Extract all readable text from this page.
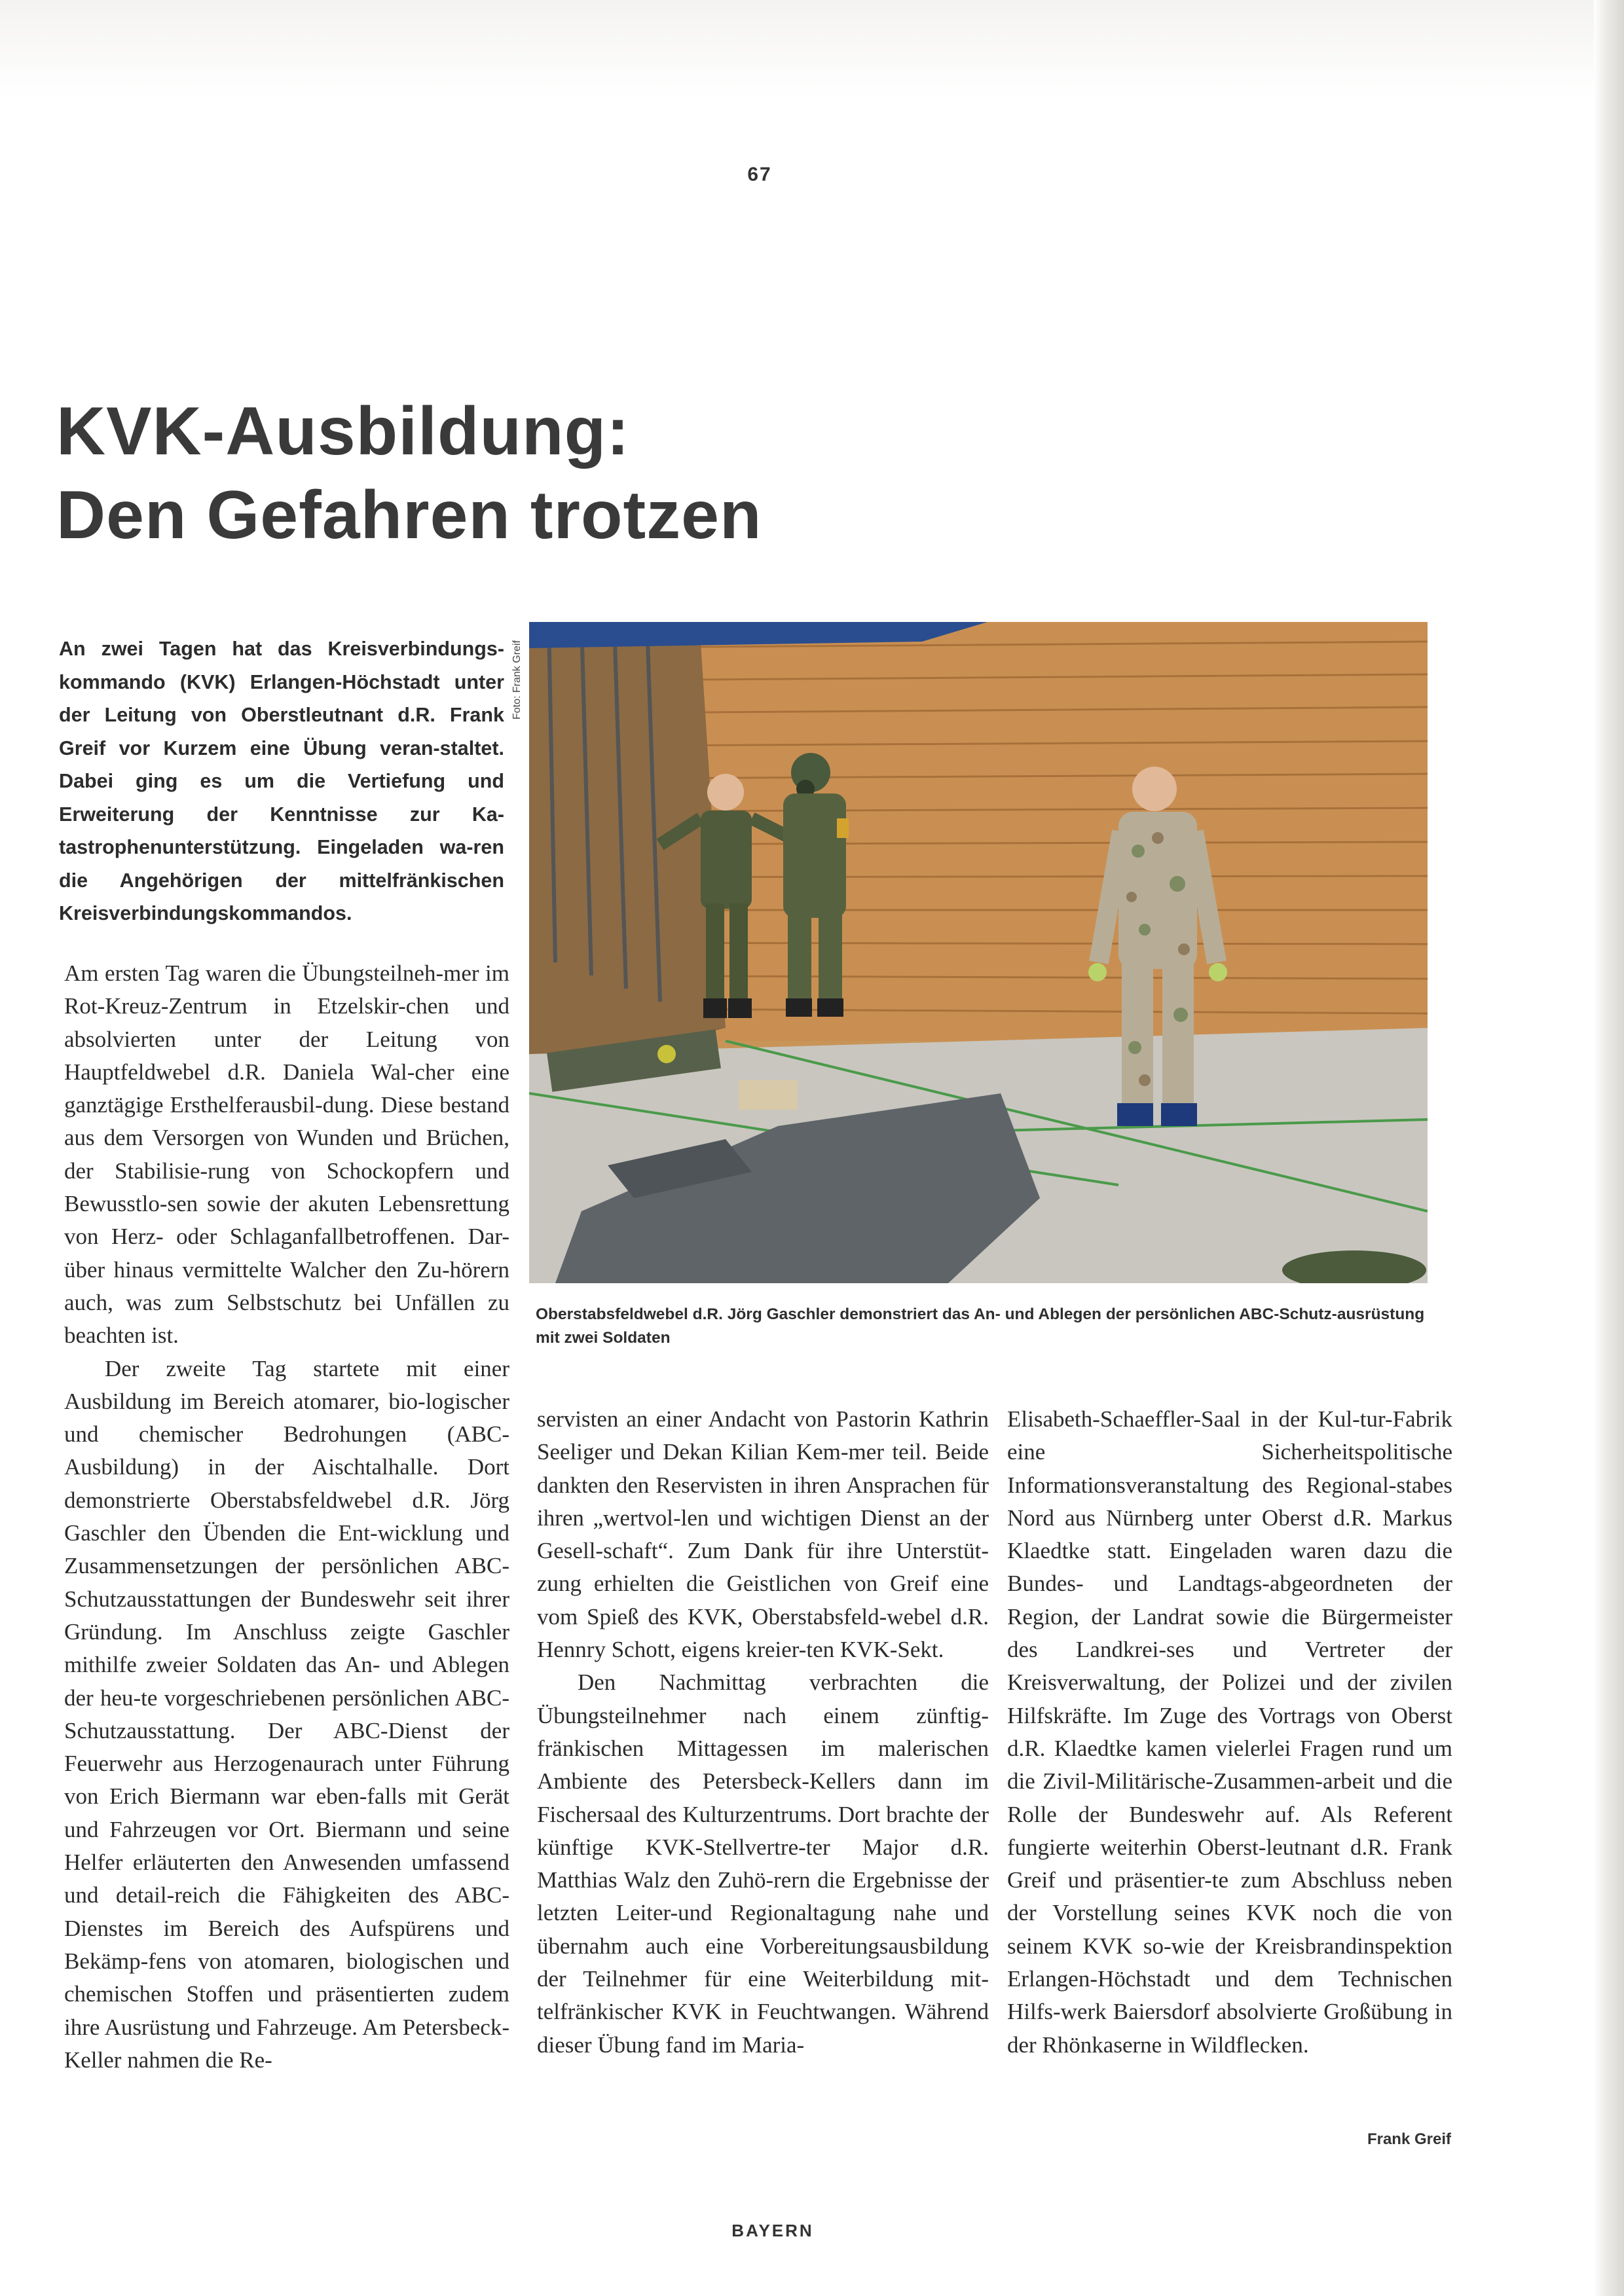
67
KVK-Ausbildung:
Den Gefahren trotzen
An zwei Tagen hat das Kreisverbindungs-kommando (KVK) Erlangen-Höchstadt unter der Leitung von Oberstleutnant d.R. Frank Greif vor Kurzem eine Übung veran-staltet. Dabei ging es um die Vertiefung und Erweiterung der Kenntnisse zur Ka-tastrophenunterstützung. Eingeladen wa-ren die Angehörigen der mittelfränkischen Kreisverbindungskommandos.
Foto: Frank Greif
Oberstabsfeldwebel d.R. Jörg Gaschler demonstriert das An- und Ablegen der persönlichen ABC-Schutz-ausrüstung mit zwei Soldaten

Am ersten Tag waren die Übungsteilneh-mer im Rot-Kreuz-Zentrum in Etzelskir-chen und absolvierten unter der Leitung von Hauptfeldwebel d.R. Daniela Wal-cher eine ganztägige Ersthelferausbil-dung. Diese bestand aus dem Versorgen von Wunden und Brüchen, der Stabilisie-rung von Schockopfern und Bewusstlo-sen sowie der akuten Lebensrettung von Herz- oder Schlaganfallbetroffenen. Dar-über hinaus vermittelte Walcher den Zu-hörern auch, was zum Selbstschutz bei Unfällen zu beachten ist.

Der zweite Tag startete mit einer Ausbildung im Bereich atomarer, bio-logischer und chemischer Bedrohungen (ABC-Ausbildung) in der Aischtalhalle. Dort demonstrierte Oberstabsfeldwebel d.R. Jörg Gaschler den Übenden die Ent-wicklung und Zusammensetzungen der persönlichen ABC-Schutzausstattungen der Bundeswehr seit ihrer Gründung. Im Anschluss zeigte Gaschler mithilfe zweier Soldaten das An- und Ablegen der heu-te vorgeschriebenen persönlichen ABC-Schutzausstattung. Der ABC-Dienst der Feuerwehr aus Herzogenaurach unter Führung von Erich Biermann war eben-falls mit Gerät und Fahrzeugen vor Ort. Biermann und seine Helfer erläuterten den Anwesenden umfassend und detail-reich die Fähigkeiten des ABC-Dienstes im Bereich des Aufspürens und Bekämp-fens von atomaren, biologischen und chemischen Stoffen und präsentierten zudem ihre Ausrüstung und Fahrzeuge. Am Petersbeck-Keller nahmen die Re-

servisten an einer Andacht von Pastorin Kathrin Seeliger und Dekan Kilian Kem-mer teil. Beide dankten den Reservisten in ihren Ansprachen für ihren „wertvol-len und wichtigen Dienst an der Gesell-schaft“. Zum Dank für ihre Unterstüt-zung erhielten die Geistlichen von Greif eine vom Spieß des KVK, Oberstabsfeld-webel d.R. Hennry Schott, eigens kreier-ten KVK-Sekt.

Den Nachmittag verbrachten die Übungsteilnehmer nach einem zünftig-fränkischen Mittagessen im malerischen Ambiente des Petersbeck-Kellers dann im Fischersaal des Kulturzentrums. Dort brachte der künftige KVK-Stellvertre-ter Major d.R. Matthias Walz den Zuhö-rern die Ergebnisse der letzten Leiter-und Regionaltagung nahe und übernahm auch eine Vorbereitungsausbildung der Teilnehmer für eine Weiterbildung mit-telfränkischer KVK in Feuchtwangen. Während dieser Übung fand im Maria-

Elisabeth-Schaeffler-Saal in der Kul-tur-Fabrik eine Sicherheitspolitische Informationsveranstaltung des Regional-stabes Nord aus Nürnberg unter Oberst d.R. Markus Klaedtke statt. Eingeladen waren dazu die Bundes- und Landtags-abgeordneten der Region, der Landrat sowie die Bürgermeister des Landkrei-ses und Vertreter der Kreisverwaltung, der Polizei und der zivilen Hilfskräfte. Im Zuge des Vortrags von Oberst d.R. Klaedtke kamen vielerlei Fragen rund um die Zivil-Militärische-Zusammen-arbeit und die Rolle der Bundeswehr auf. Als Referent fungierte weiterhin Oberst-leutnant d.R. Frank Greif und präsentier-te zum Abschluss neben der Vorstellung seines KVK noch die von seinem KVK so-wie der Kreisbrandinspektion Erlangen-Höchstadt und dem Technischen Hilfs-werk Baiersdorf absolvierte Großübung in der Rhönkaserne in Wildflecken.

Frank Greif
BAYERN
